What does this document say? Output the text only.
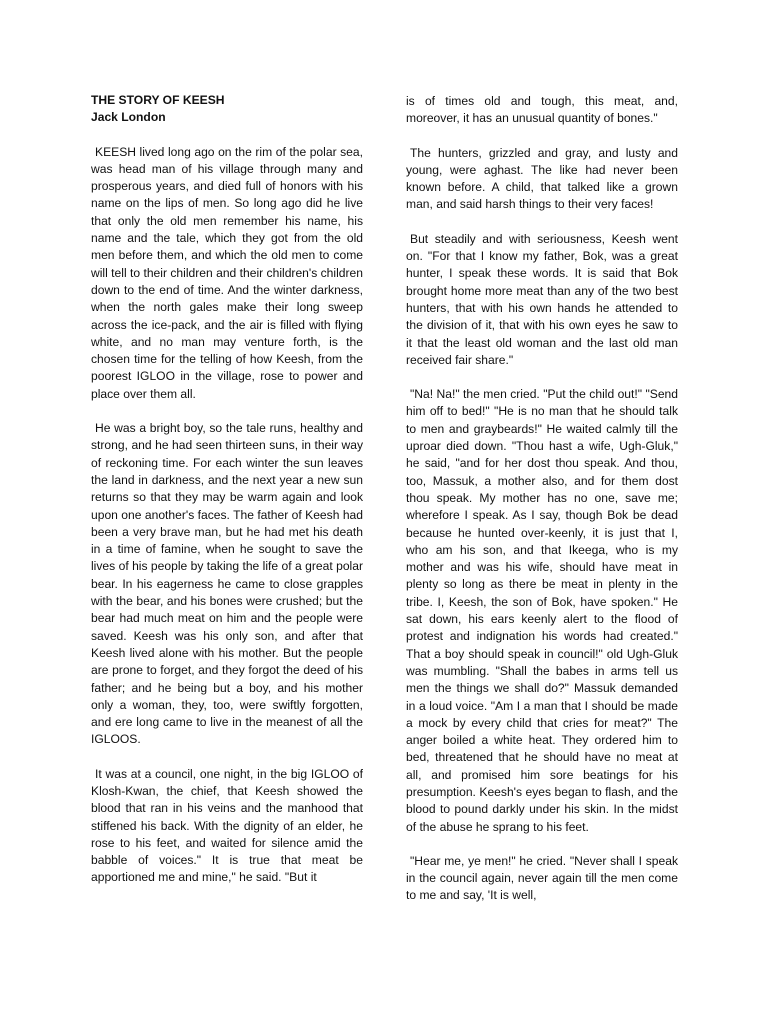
THE STORY OF KEESH
Jack London

KEESH lived long ago on the rim of the polar sea, was head man of his village through many and prosperous years, and died full of honors with his name on the lips of men. So long ago did he live that only the old men remember his name, his name and the tale, which they got from the old men before them, and which the old men to come will tell to their children and their children's children down to the end of time. And the winter darkness, when the north gales make their long sweep across the ice-pack, and the air is filled with flying white, and no man may venture forth, is the chosen time for the telling of how Keesh, from the poorest IGLOO in the village, rose to power and place over them all.

He was a bright boy, so the tale runs, healthy and strong, and he had seen thirteen suns, in their way of reckoning time. For each winter the sun leaves the land in darkness, and the next year a new sun returns so that they may be warm again and look upon one another's faces. The father of Keesh had been a very brave man, but he had met his death in a time of famine, when he sought to save the lives of his people by taking the life of a great polar bear. In his eagerness he came to close grapples with the bear, and his bones were crushed; but the bear had much meat on him and the people were saved. Keesh was his only son, and after that Keesh lived alone with his mother. But the people are prone to forget, and they forgot the deed of his father; and he being but a boy, and his mother only a woman, they, too, were swiftly forgotten, and ere long came to live in the meanest of all the IGLOOS.

It was at a council, one night, in the big IGLOO of Klosh-Kwan, the chief, that Keesh showed the blood that ran in his veins and the manhood that stiffened his back. With the dignity of an elder, he rose to his feet, and waited for silence amid the babble of voices." It is true that meat be apportioned me and mine," he said. "But it

is of times old and tough, this meat, and, moreover, it has an unusual quantity of bones."

The hunters, grizzled and gray, and lusty and young, were aghast. The like had never been known before. A child, that talked like a grown man, and said harsh things to their very faces!

But steadily and with seriousness, Keesh went on. "For that I know my father, Bok, was a great hunter, I speak these words. It is said that Bok brought home more meat than any of the two best hunters, that with his own hands he attended to the division of it, that with his own eyes he saw to it that the least old woman and the last old man received fair share."

"Na! Na!" the men cried. "Put the child out!" "Send him off to bed!" "He is no man that he should talk to men and graybeards!" He waited calmly till the uproar died down. "Thou hast a wife, Ugh-Gluk," he said, "and for her dost thou speak. And thou, too, Massuk, a mother also, and for them dost thou speak. My mother has no one, save me; wherefore I speak. As I say, though Bok be dead because he hunted over-keenly, it is just that I, who am his son, and that Ikeega, who is my mother and was his wife, should have meat in plenty so long as there be meat in plenty in the tribe. I, Keesh, the son of Bok, have spoken." He sat down, his ears keenly alert to the flood of protest and indignation his words had created." That a boy should speak in council!" old Ugh-Gluk was mumbling. "Shall the babes in arms tell us men the things we shall do?" Massuk demanded in a loud voice. "Am I a man that I should be made a mock by every child that cries for meat?" The anger boiled a white heat. They ordered him to bed, threatened that he should have no meat at all, and promised him sore beatings for his presumption. Keesh's eyes began to flash, and the blood to pound darkly under his skin. In the midst of the abuse he sprang to his feet.

"Hear me, ye men!" he cried. "Never shall I speak in the council again, never again till the men come to me and say, 'It is well,
